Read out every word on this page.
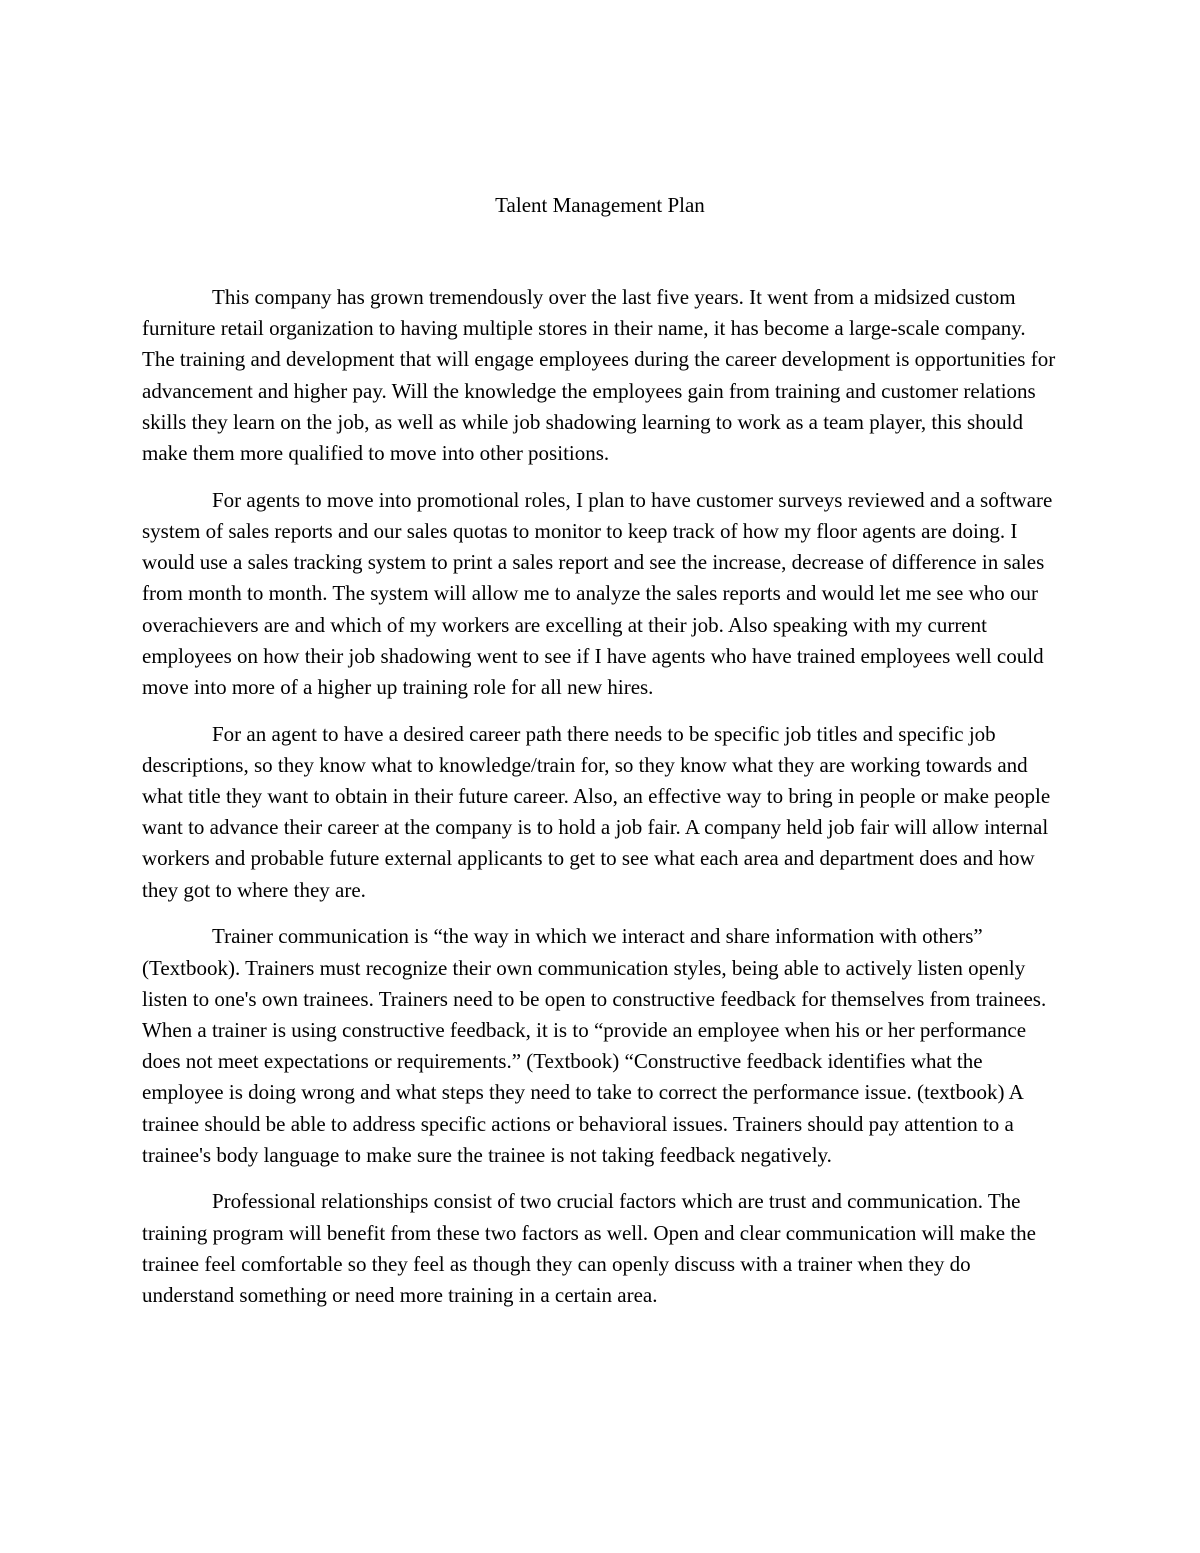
Talent Management Plan

This company has grown tremendously over the last five years. It went from a midsized custom furniture retail organization to having multiple stores in their name, it has become a large-scale company. The training and development that will engage employees during the career development is opportunities for advancement and higher pay. Will the knowledge the employees gain from training and customer relations skills they learn on the job, as well as while job shadowing learning to work as a team player, this should make them more qualified to move into other positions.

For agents to move into promotional roles, I plan to have customer surveys reviewed and a software system of sales reports and our sales quotas to monitor to keep track of how my floor agents are doing. I would use a sales tracking system to print a sales report and see the increase, decrease of difference in sales from month to month. The system will allow me to analyze the sales reports and would let me see who our overachievers are and which of my workers are excelling at their job. Also speaking with my current employees on how their job shadowing went to see if I have agents who have trained employees well could move into more of a higher up training role for all new hires.

For an agent to have a desired career path there needs to be specific job titles and specific job descriptions, so they know what to knowledge/train for, so they know what they are working towards and what title they want to obtain in their future career. Also, an effective way to bring in people or make people want to advance their career at the company is to hold a job fair. A company held job fair will allow internal workers and probable future external applicants to get to see what each area and department does and how they got to where they are.

Trainer communication is “the way in which we interact and share information with others” (Textbook). Trainers must recognize their own communication styles, being able to actively listen openly listen to one's own trainees. Trainers need to be open to constructive feedback for themselves from trainees. When a trainer is using constructive feedback, it is to “provide an employee when his or her performance does not meet expectations or requirements.” (Textbook) “Constructive feedback identifies what the employee is doing wrong and what steps they need to take to correct the performance issue. (textbook) A trainee should be able to address specific actions or behavioral issues. Trainers should pay attention to a trainee's body language to make sure the trainee is not taking feedback negatively.

Professional relationships consist of two crucial factors which are trust and communication. The training program will benefit from these two factors as well. Open and clear communication will make the trainee feel comfortable so they feel as though they can openly discuss with a trainer when they do understand something or need more training in a certain area.
